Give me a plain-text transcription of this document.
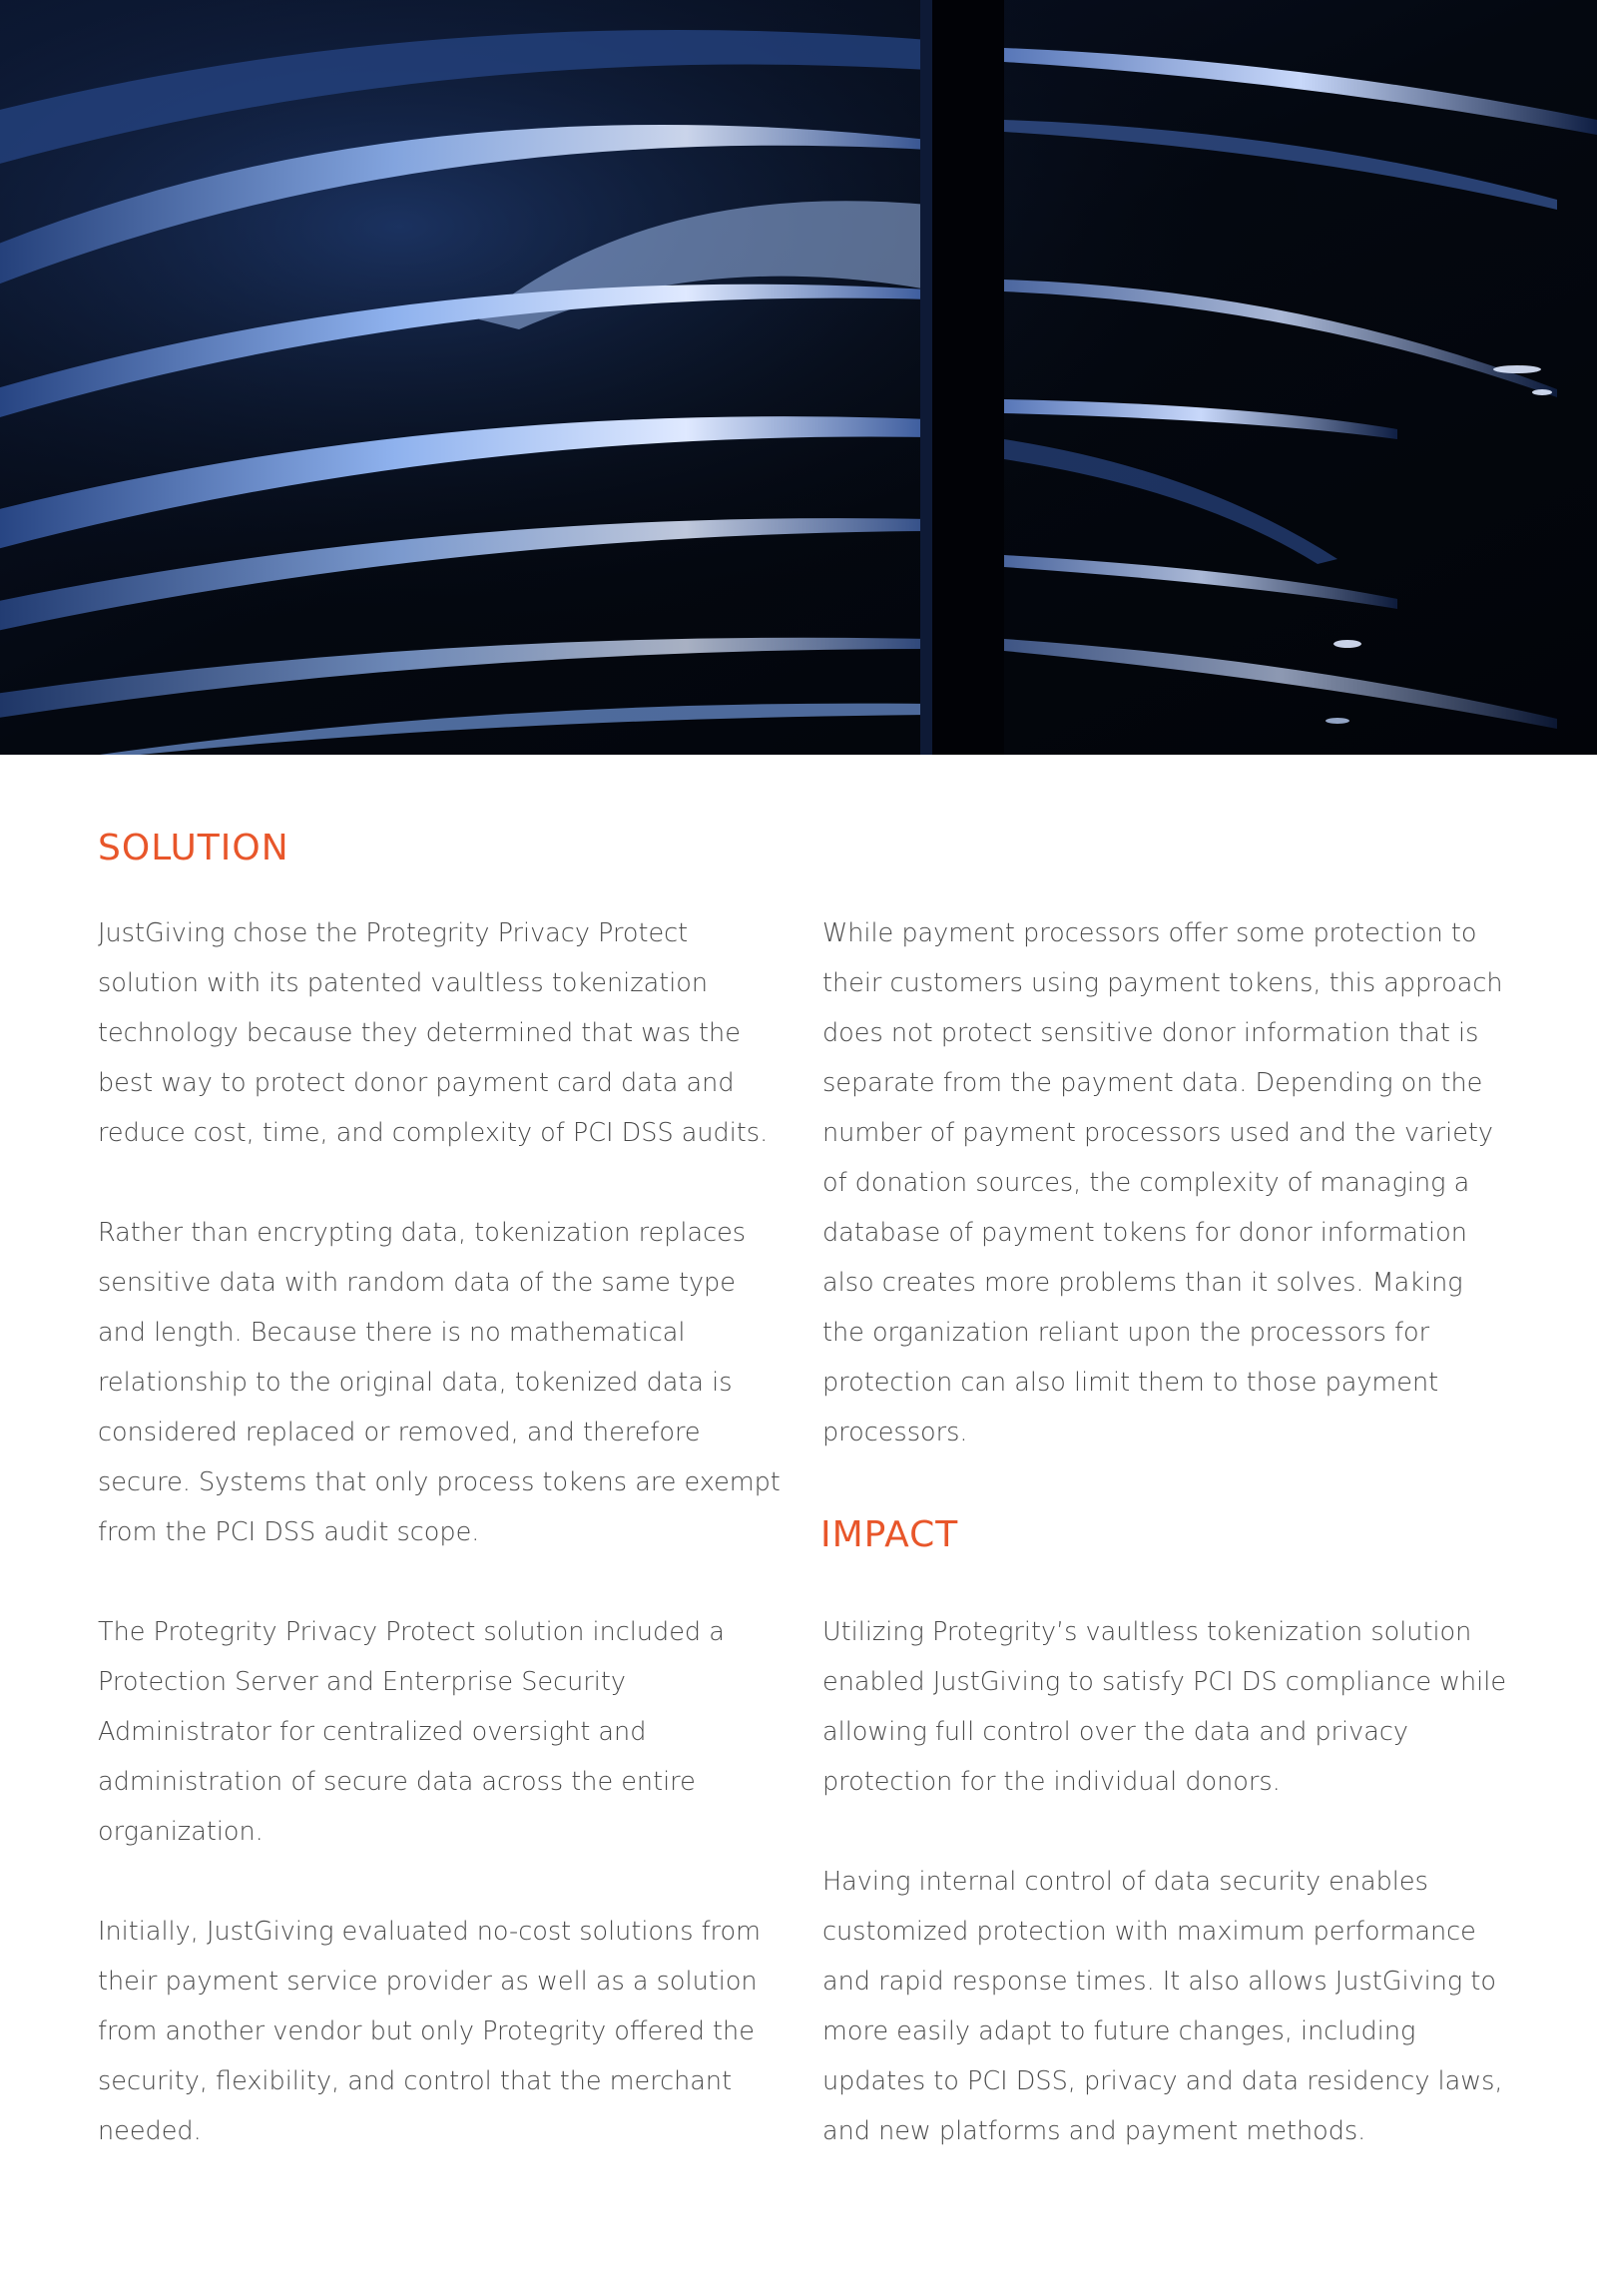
SOLUTION

JustGiving chose the Protegrity Privacy Protect solution with its patented vaultless tokenization technology because they determined that was the best way to protect donor payment card data and reduce cost, time, and complexity of PCI DSS audits.

Rather than encrypting data, tokenization replaces sensitive data with random data of the same type and length. Because there is no mathematical relationship to the original data, tokenized data is considered replaced or removed, and therefore secure. Systems that only process tokens are exempt from the PCI DSS audit scope.

The Protegrity Privacy Protect solution included a Protection Server and Enterprise Security Administrator for centralized oversight and administration of secure data across the entire organization.

Initially, JustGiving evaluated no-cost solutions from their payment service provider as well as a solution from another vendor but only Protegrity offered the security, flexibility, and control that the merchant needed.

While payment processors offer some protection to their customers using payment tokens, this approach does not protect sensitive donor information that is separate from the payment data. Depending on the number of payment processors used and the variety of donation sources, the complexity of managing a database of payment tokens for donor information also creates more problems than it solves. Making the organization reliant upon the processors for protection can also limit them to those payment processors.

IMPACT

Utilizing Protegrity’s vaultless tokenization solution enabled JustGiving to satisfy PCI DS compliance while allowing full control over the data and privacy protection for the individual donors.

Having internal control of data security enables customized protection with maximum performance and rapid response times. It also allows JustGiving to more easily adapt to future changes, including updates to PCI DSS, privacy and data residency laws, and new platforms and payment methods.
